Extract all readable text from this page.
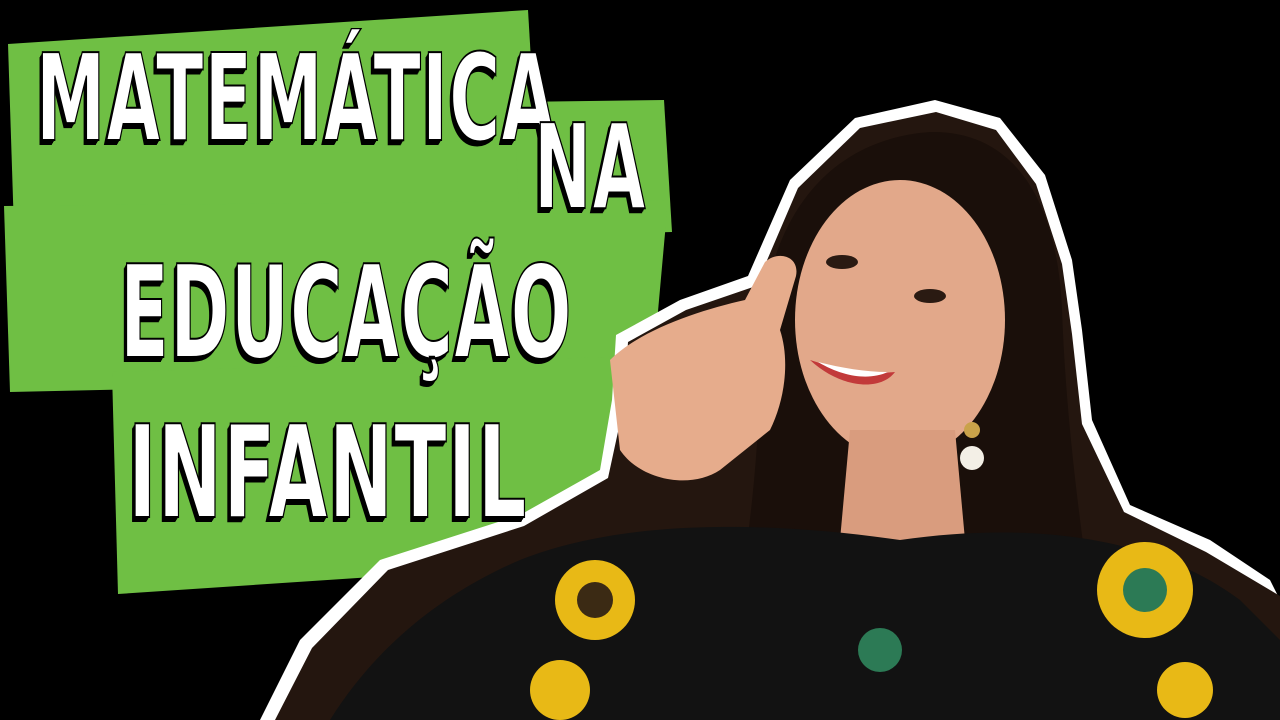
MATEMÁTICA
NA
EDUCAÇÃO
INFANTIL
